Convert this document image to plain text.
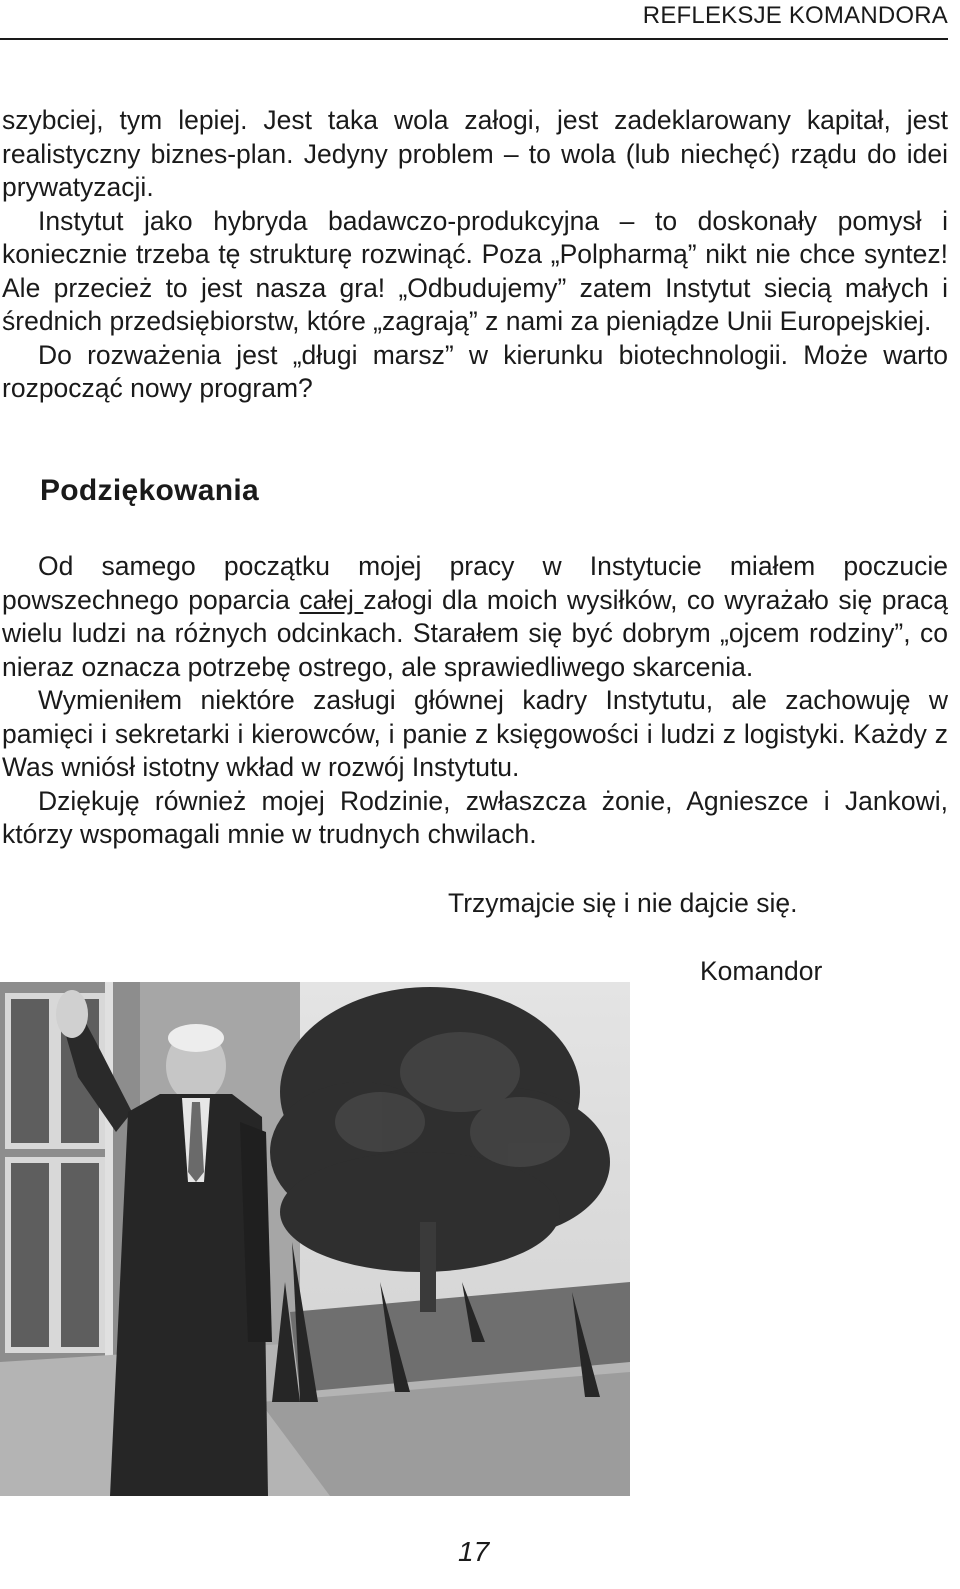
REFLEKSJE KOMANDORA

szybciej, tym lepiej. Jest taka wola załogi, jest zadeklarowany kapitał, jest realistyczny biznes-plan. Jedyny problem – to wola (lub niechęć) rządu do idei prywatyzacji.

Instytut jako hybryda badawczo-produkcyjna – to doskonały pomysł i koniecznie trzeba tę strukturę rozwinąć. Poza „Polpharmą” nikt nie chce syntez! Ale przecież to jest nasza gra! „Odbudujemy” zatem Instytut siecią małych i średnich przedsiębiorstw, które „zagrają” z nami za pieniądze Unii Europejskiej.

Do rozważenia jest „długi marsz” w kierunku biotechnologii. Może warto rozpocząć nowy program?

Podziękowania

Od samego początku mojej pracy w Instytucie miałem poczucie powszechnego poparcia całej załogi dla moich wysiłków, co wyrażało się pracą wielu ludzi na różnych odcinkach. Starałem się być dobrym „ojcem rodziny”, co nieraz oznacza potrzebę ostrego, ale sprawiedliwego skarcenia.

Wymieniłem niektóre zasługi głównej kadry Instytutu, ale zachowuję w pamięci i sekretarki i kierowców, i panie z księgowości i ludzi z logistyki. Każdy z Was wniósł istotny wkład w rozwój Instytutu.

Dziękuję również mojej Rodzinie, zwłaszcza żonie, Agnieszce i Jankowi, którzy wspomagali mnie w trudnych chwilach.

Trzymajcie się i nie dajcie się.
Komandor
17
